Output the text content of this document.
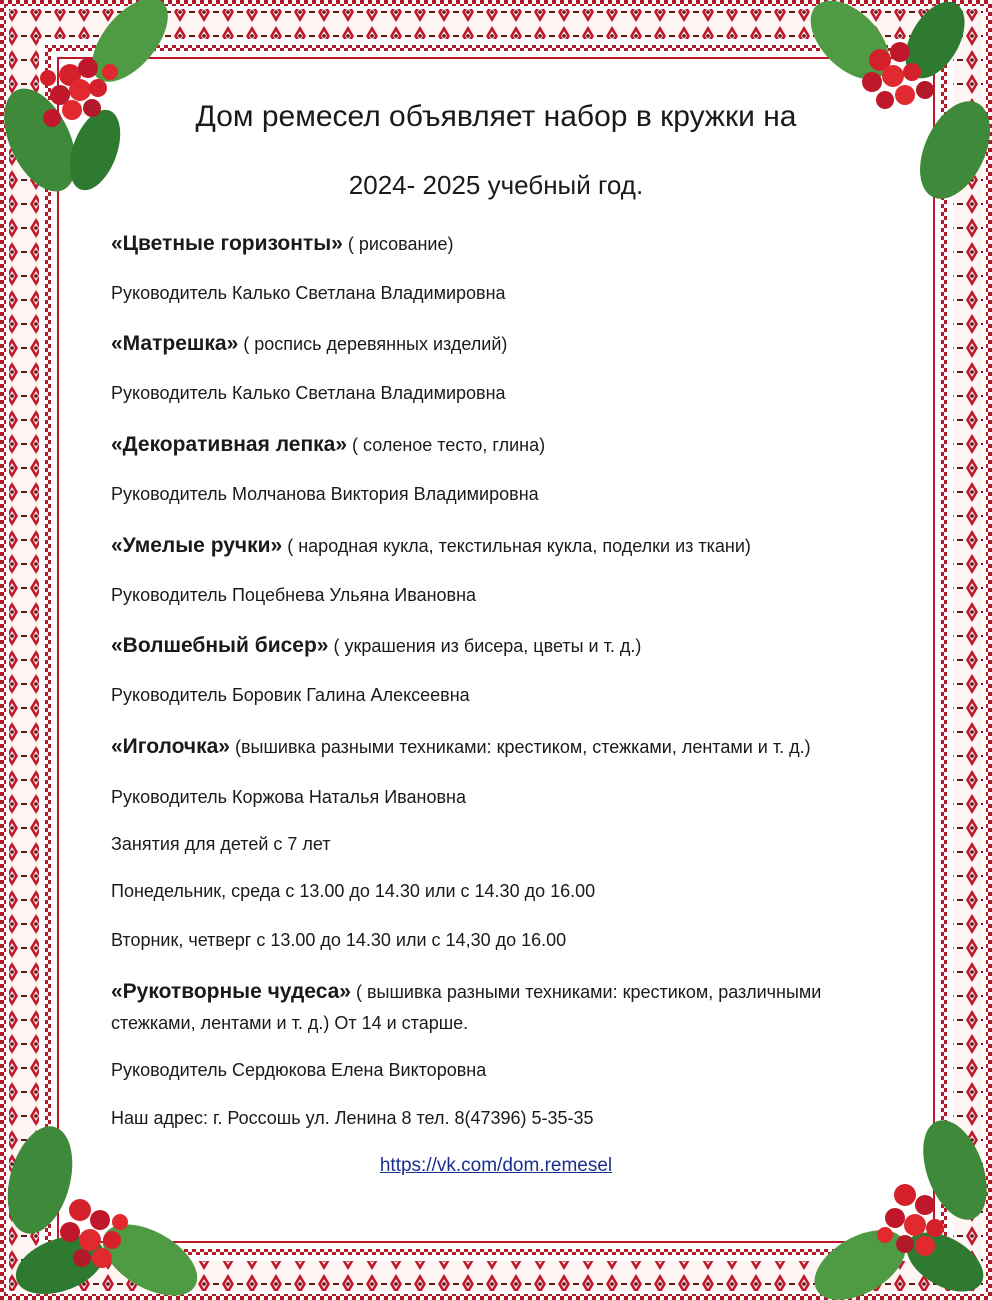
Дом ремесел объявляет набор в кружки на
2024- 2025 учебный год.
«Цветные горизонты» ( рисование)
Руководитель Калько Светлана Владимировна
«Матрешка» ( роспись деревянных изделий)
Руководитель Калько Светлана Владимировна
«Декоративная лепка» ( соленое тесто, глина)
Руководитель Молчанова Виктория Владимировна
«Умелые ручки» ( народная кукла, текстильная кукла, поделки из ткани)
Руководитель Поцебнева Ульяна Ивановна
«Волшебный бисер» ( украшения из бисера, цветы и т. д.)
Руководитель Боровик Галина Алексеевна
«Иголочка» (вышивка разными техниками: крестиком, стежками, лентами и т. д.)
Руководитель Коржова Наталья Ивановна
Занятия для детей с 7 лет
Понедельник, среда с 13.00 до 14.30 или с 14.30 до 16.00
Вторник, четверг с 13.00 до 14.30 или с 14,30 до 16.00
«Рукотворные чудеса» ( вышивка разными техниками: крестиком, различными
стежками, лентами и т. д.) От 14 и старше.
Руководитель Сердюкова Елена Викторовна
Наш адрес: г. Россошь ул. Ленина 8 тел. 8(47396) 5-35-35
https://vk.com/dom.remesel
